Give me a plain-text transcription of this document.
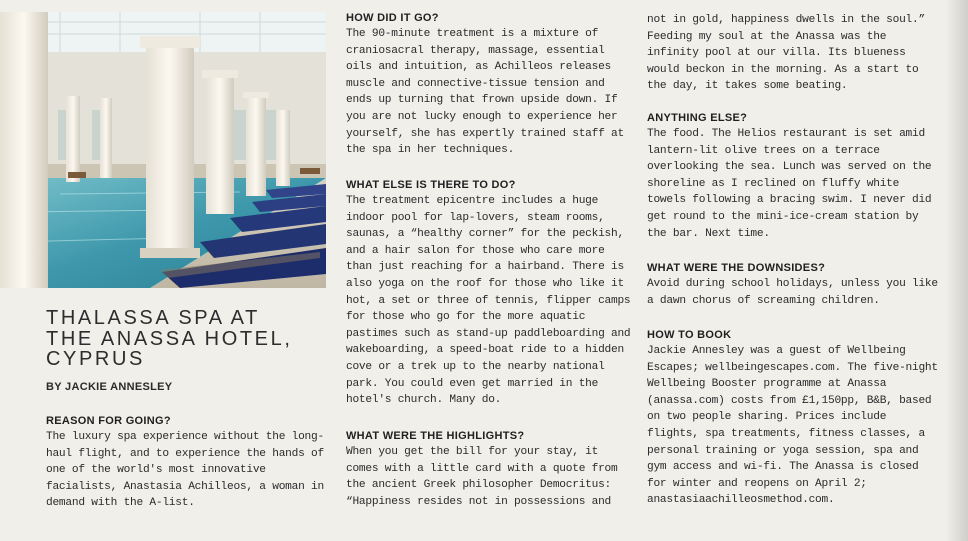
THALASSA SPA AT
THE ANASSA HOTEL,
CYPRUS
BY JACKIE ANNESLEY
REASON FOR GOING?

The luxury spa experience without the long-haul flight, and to experience the hands of one of the world's most innovative facialists, Anastasia Achilleos, a woman in demand with the A-list.

HOW DID IT GO?

The 90-minute treatment is a mixture of craniosacral therapy, massage, essential oils and intuition, as Achilleos releases muscle and connective-tissue tension and ends up turning that frown upside down. If you are not lucky enough to experience her yourself, she has expertly trained staff at the spa in her techniques.

WHAT ELSE IS THERE TO DO?

The treatment epicentre includes a huge indoor pool for lap-lovers, steam rooms, saunas, a “healthy corner” for the peckish, and a hair salon for those who care more than just reaching for a hairband. There is also yoga on the roof for those who like it hot, a set or three of tennis, flipper camps for those who go for the more aquatic pastimes such as stand-up paddleboarding and wakeboarding, a speed-boat ride to a hidden cove or a trek up to the nearby national park. You could even get married in the hotel's church. Many do.

WHAT WERE THE HIGHLIGHTS?

When you get the bill for your stay, it comes with a little card with a quote from the ancient Greek philosopher Democritus: “Happiness resides not in possessions and

not in gold, happiness dwells in the soul.” Feeding my soul at the Anassa was the infinity pool at our villa. Its blueness would beckon in the morning. As a start to the day, it takes some beating.

ANYTHING ELSE?

The food. The Helios restaurant is set amid lantern-lit olive trees on a terrace overlooking the sea. Lunch was served on the shoreline as I reclined on fluffy white towels following a bracing swim. I never did get round to the mini-ice-cream station by the bar. Next time.

WHAT WERE THE DOWNSIDES?

Avoid during school holidays, unless you like a dawn chorus of screaming children.

HOW TO BOOK

Jackie Annesley was a guest of Wellbeing Escapes; wellbeingescapes.com. The five-night Wellbeing Booster programme at Anassa (anassa.com) costs from £1,150pp, B&B, based on two people sharing. Prices include flights, spa treatments, fitness classes, a personal training or yoga session, spa and gym access and wi-fi. The Anassa is closed for winter and reopens on April 2; anastasiaachilleosmethod.com.
